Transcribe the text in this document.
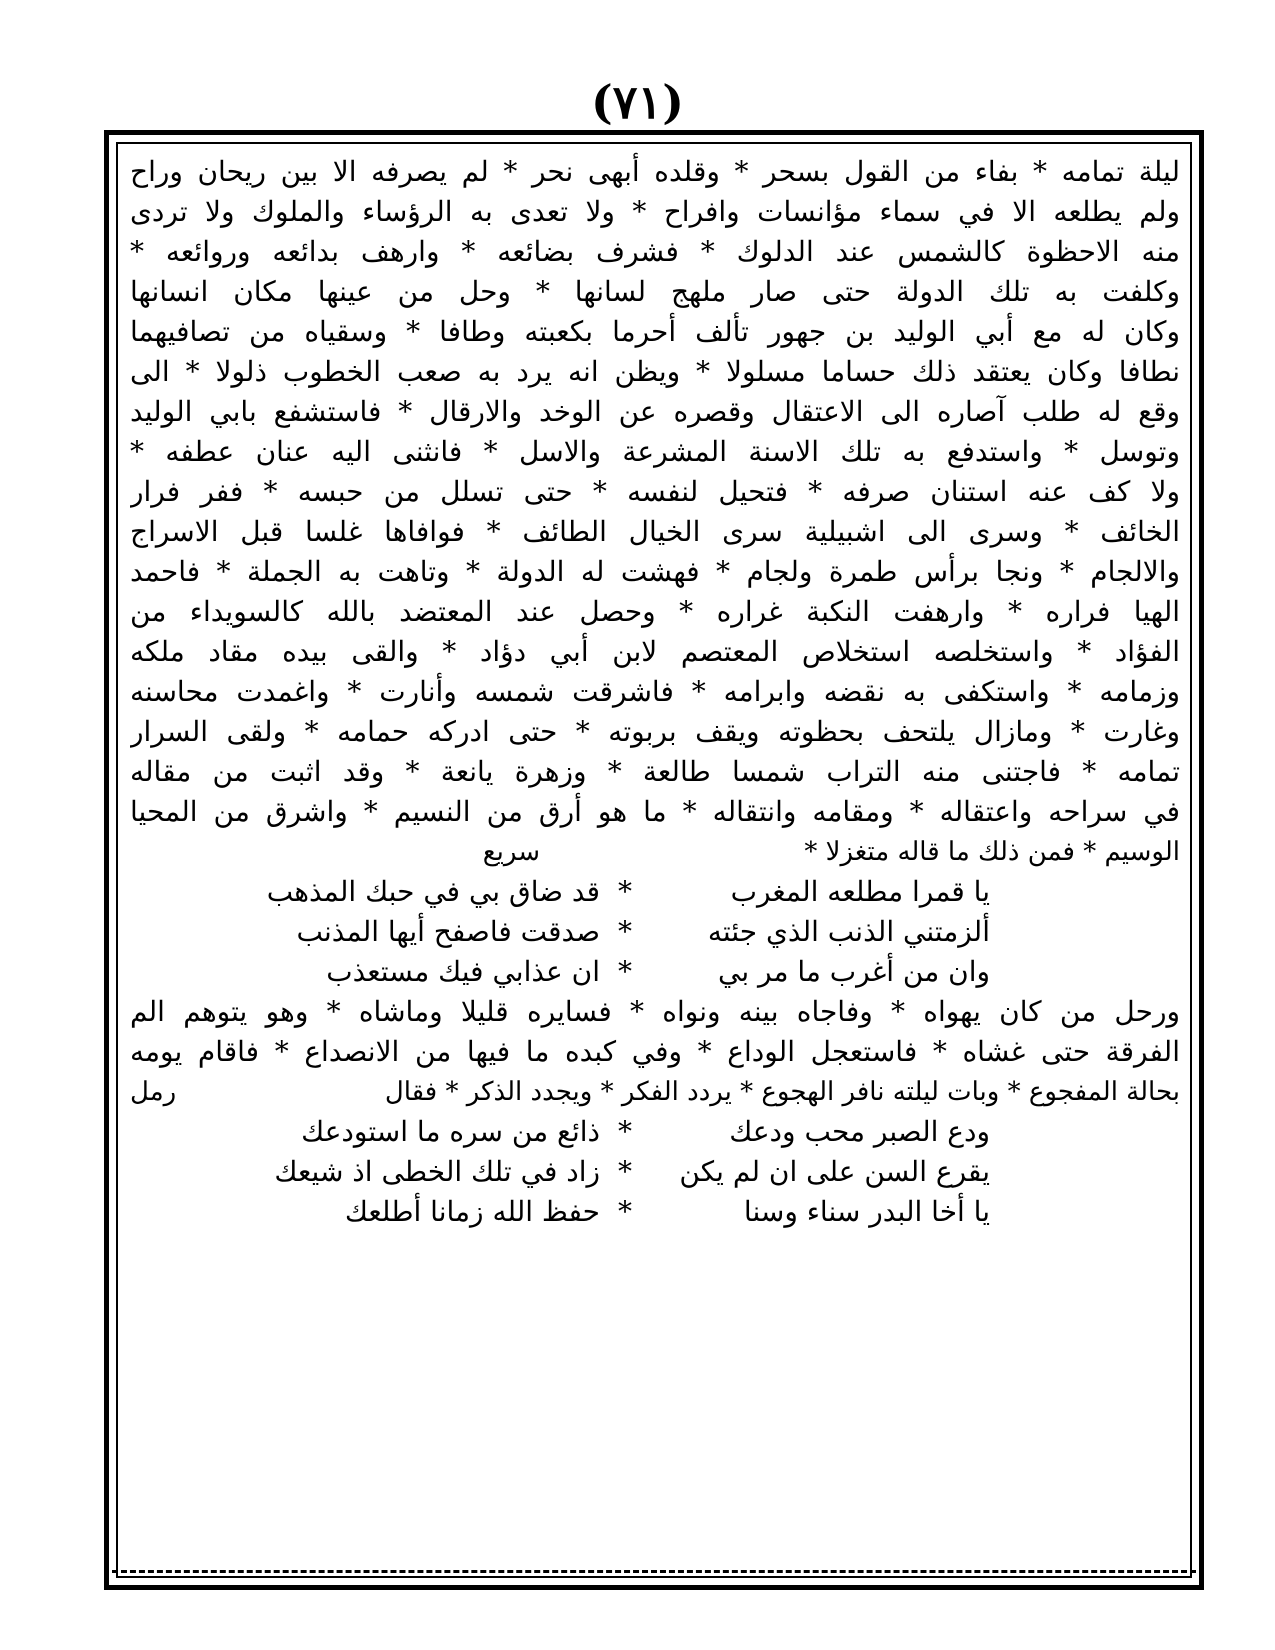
(٧١)
ليلة تمامه * بفاء من القول بسحر * وقلده أبهى نحر * لم يصرفه الا بين ريحان وراح
ولم يطلعه الا في سماء مؤانسات وافراح * ولا تعدى به الرؤساء والملوك ولا تردى
منه الاحظوة كالشمس عند الدلوك * فشرف بضائعه * وارهف بدائعه وروائعه *
وكلفت به تلك الدولة حتى صار ملهج لسانها * وحل من عينها مكان انسانها
وكان له مع أبي الوليد بن جهور تألف أحرما بكعبته وطافا * وسقياه من تصافيهما
نطافا وكان يعتقد ذلك حساما مسلولا * ويظن انه يرد به صعب الخطوب ذلولا * الى
وقع له طلب آصاره الى الاعتقال وقصره عن الوخد والارقال * فاستشفع بابي الوليد
وتوسل * واستدفع به تلك الاسنة المشرعة والاسل * فانثنى اليه عنان عطفه *
ولا كف عنه استنان صرفه * فتحيل لنفسه * حتى تسلل من حبسه * ففر فرار
الخائف * وسرى الى اشبيلية سرى الخيال الطائف * فوافاها غلسا قبل الاسراج
والالجام * ونجا برأس طمرة ولجام * فهشت له الدولة * وتاهت به الجملة * فاحمد
الهيا فراره * وارهفت النكبة غراره * وحصل عند المعتضد بالله كالسويداء من
الفؤاد * واستخلصه استخلاص المعتصم لابن أبي دؤاد * والقى بيده مقاد ملكه
وزمامه * واستكفى به نقضه وابرامه * فاشرقت شمسه وأنارت * واغمدت محاسنه
وغارت * ومازال يلتحف بحظوته ويقف بربوته * حتى ادركه حمامه * ولقى السرار
تمامه * فاجتنى منه التراب شمسا طالعة * وزهرة يانعة * وقد اثبت من مقاله
في سراحه واعتقاله * ومقامه وانتقاله * ما هو أرق من النسيم * واشرق من المحيا
الوسيم * فمن ذلك ما قاله متغزلا *
سريع
يا قمرا مطلعه المغرب
*
قد ضاق بي في حبك المذهب
ألزمتني الذنب الذي جئته
*
صدقت فاصفح أيها المذنب
وان من أغرب ما مر بي
*
ان عذابي فيك مستعذب
ورحل من كان يهواه * وفاجاه بينه ونواه * فسايره قليلا وماشاه * وهو يتوهم الم
الفرقة حتى غشاه * فاستعجل الوداع * وفي كبده ما فيها من الانصداع * فاقام يومه
بحالة المفجوع * وبات ليلته نافر الهجوع * يردد الفكر * ويجدد الذكر * فقال
رمل
ودع الصبر محب ودعك
*
ذائع من سره ما استودعك
يقرع السن على ان لم يكن
*
زاد في تلك الخطى اذ شيعك
يا أخا البدر سناء وسنا
*
حفظ الله زمانا أطلعك
